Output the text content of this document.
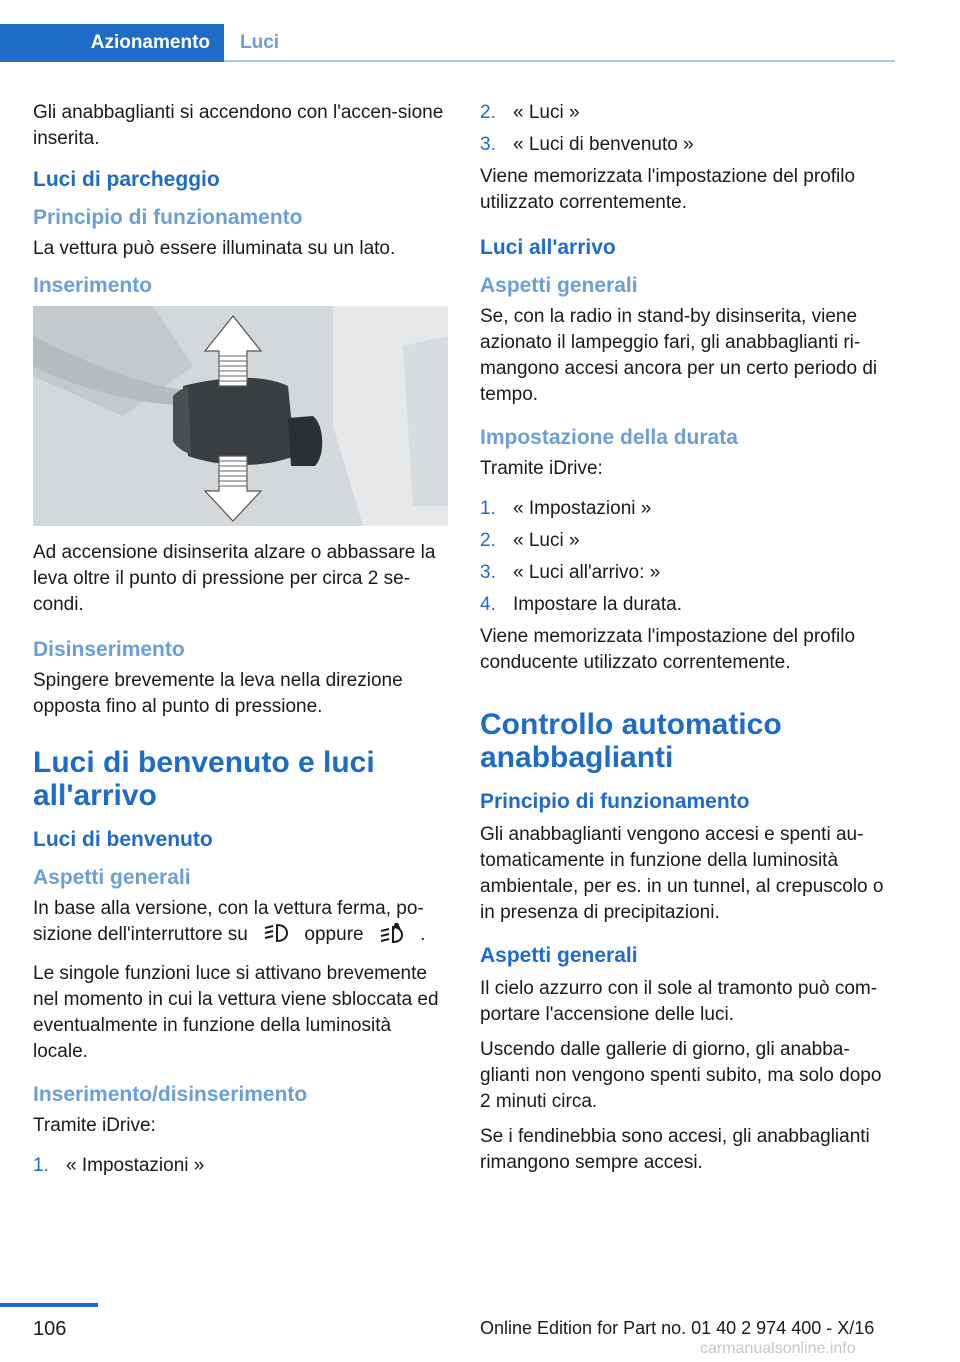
Azionamento	Luci

Gli anabbaglianti si accendono con l'accen‐sione inserita.

Luci di parcheggio
Principio di funzionamento

La vettura può essere illuminata su un lato.

Inserimento

Ad accensione disinserita alzare o abbassare la leva oltre il punto di pressione per circa 2 se‐condi.

Disinserimento

Spingere brevemente la leva nella direzione opposta fino al punto di pressione.

Luci di benvenuto e luci all'arrivo
Luci di benvenuto
Aspetti generali

In base alla versione, con la vettura ferma, po‐sizione dell'interruttore su	oppure	.

Le singole funzioni luce si attivano brevemente nel momento in cui la vettura viene sbloccata ed eventualmente in funzione della luminosità locale.

Inserimento/disinserimento

Tramite iDrive:

1. « Impostazioni »
2. « Luci »
3. « Luci di benvenuto »

Viene memorizzata l'impostazione del profilo utilizzato correntemente.

Luci all'arrivo
Aspetti generali

Se, con la radio in stand-by disinserita, viene azionato il lampeggio fari, gli anabbaglianti ri‐mangono accesi ancora per un certo periodo di tempo.

Impostazione della durata

Tramite iDrive:

1. « Impostazioni »
2. « Luci »
3. « Luci all'arrivo: »
4. Impostare la durata.

Viene memorizzata l'impostazione del profilo conducente utilizzato correntemente.

Controllo automatico anabbaglianti
Principio di funzionamento

Gli anabbaglianti vengono accesi e spenti au‐tomaticamente in funzione della luminosità ambientale, per es. in un tunnel, al crepuscolo o in presenza di precipitazioni.

Aspetti generali

Il cielo azzurro con il sole al tramonto può com‐portare l'accensione delle luci.

Uscendo dalle gallerie di giorno, gli anabba‐glianti non vengono spenti subito, ma solo dopo 2 minuti circa.

Se i fendinebbia sono accesi, gli anabbaglianti rimangono sempre accesi.

106	Online Edition for Part no. 01 40 2 974 400 - X/16
carmanualsonline.info
